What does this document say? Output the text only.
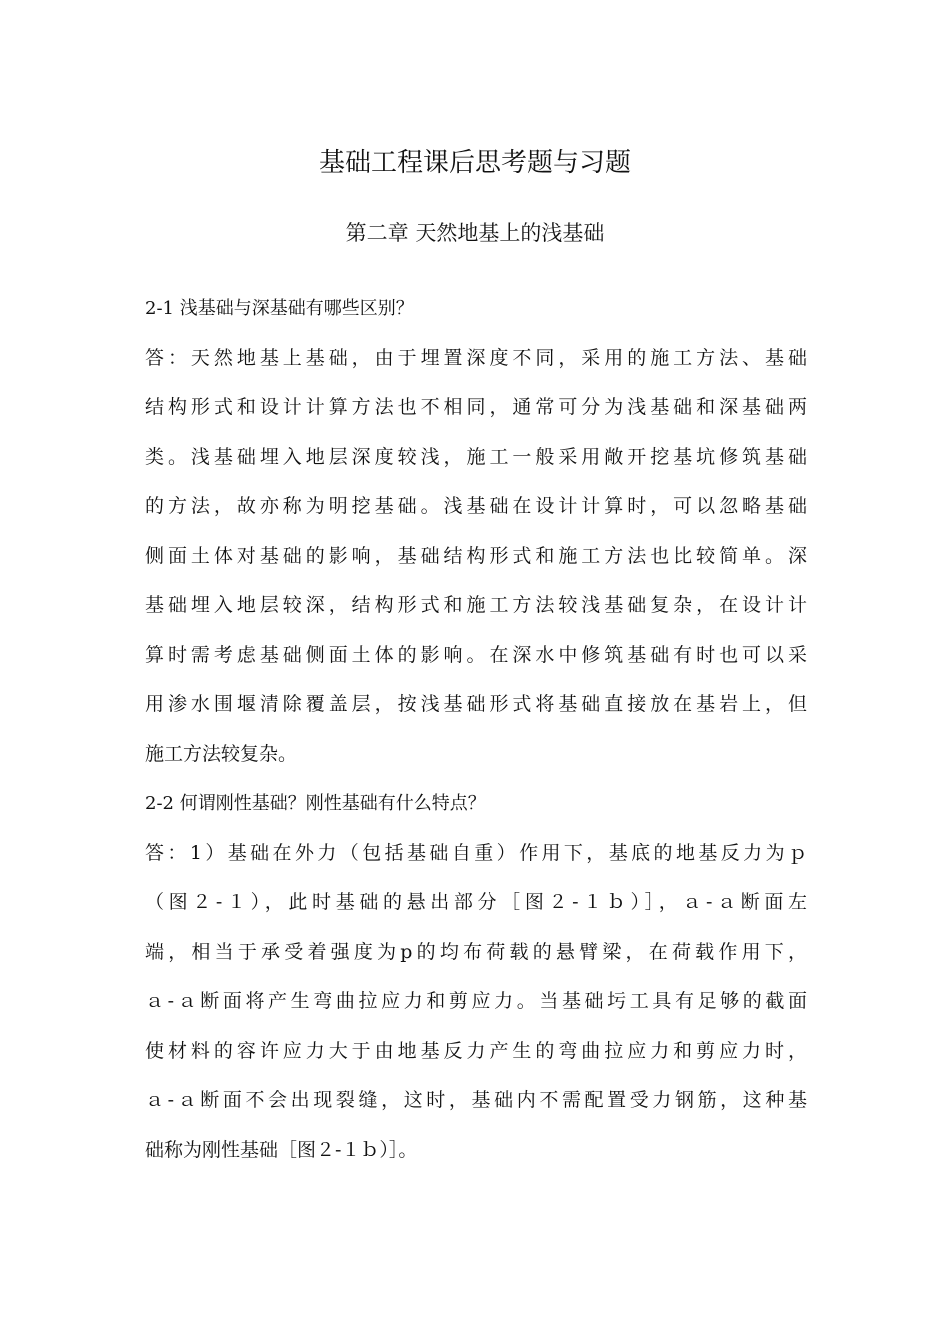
基础工程课后思考题与习题
第二章 天然地基上的浅基础
2-1 浅基础与深基础有哪些区别？
答：天然地基上基础，由于埋置深度不同，采用的施工方法、基础
结构形式和设计计算方法也不相同，通常可分为浅基础和深基础两
类。浅基础埋入地层深度较浅，施工一般采用敞开挖基坑修筑基础
的方法，故亦称为明挖基础。浅基础在设计计算时，可以忽略基础
侧面土体对基础的影响，基础结构形式和施工方法也比较简单。深
基础埋入地层较深，结构形式和施工方法较浅基础复杂，在设计计
算时需考虑基础侧面土体的影响。在深水中修筑基础有时也可以采
用渗水围堰清除覆盖层，按浅基础形式将基础直接放在基岩上，但
施工方法较复杂。
2-2 何谓刚性基础？刚性基础有什么特点？
答：1）基础在外力（包括基础自重）作用下，基底的地基反力为ｐ
（图２-１），此时基础的悬出部分［图２-１ｂ）］，ａ-ａ断面左
端，相当于承受着强度为p的均布荷载的悬臂梁，在荷载作用下，
ａ-ａ断面将产生弯曲拉应力和剪应力。当基础圬工具有足够的截面
使材料的容许应力大于由地基反力产生的弯曲拉应力和剪应力时，
ａ-ａ断面不会出现裂缝，这时，基础内不需配置受力钢筋，这种基
础称为刚性基础［图２-１ｂ）］。
